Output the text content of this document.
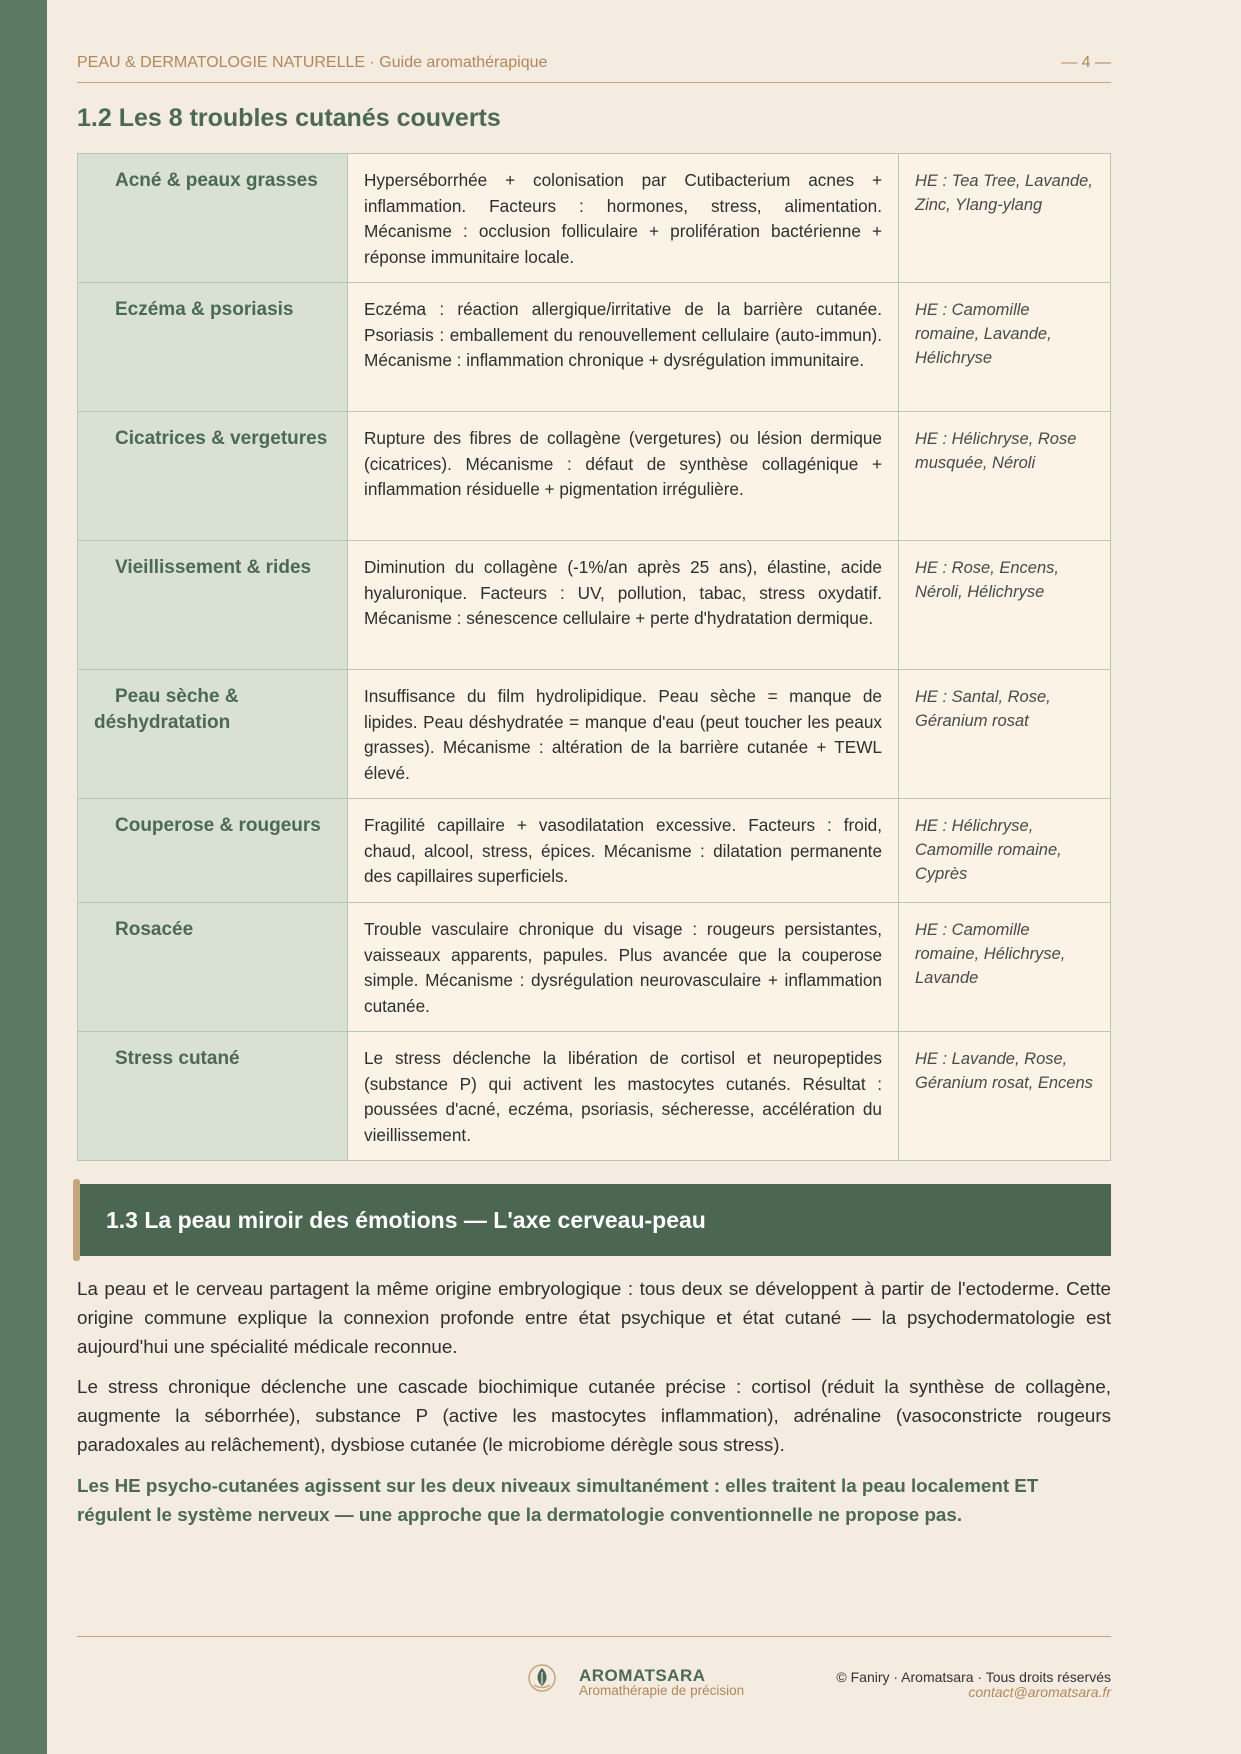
PEAU & DERMATOLOGIE NATURELLE · Guide aromathérapique	— 4 —
1.2 Les 8 troubles cutanés couverts
Acné & peaux grasses	Hyperséborrhée + colonisation par Cutibacterium acnes + inflammation. Facteurs : hormones, stress, alimentation. Mécanisme : occlusion folliculaire + prolifération bactérienne + réponse immunitaire locale.	HE : Tea Tree, Lavande, Zinc, Ylang-ylang
Eczéma & psoriasis	Eczéma : réaction allergique/irritative de la barrière cutanée. Psoriasis : emballement du renouvellement cellulaire (auto-immun). Mécanisme : inflammation chronique + dysrégulation immunitaire.	HE : Camomille romaine, Lavande, Hélichryse
Cicatrices & vergetures	Rupture des fibres de collagène (vergetures) ou lésion dermique (cicatrices). Mécanisme : défaut de synthèse collagénique + inflammation résiduelle + pigmentation irrégulière.	HE : Hélichryse, Rose musquée, Néroli
Vieillissement & rides	Diminution du collagène (-1%/an après 25 ans), élastine, acide hyaluronique. Facteurs : UV, pollution, tabac, stress oxydatif. Mécanisme : sénescence cellulaire + perte d'hydratation dermique.	HE : Rose, Encens, Néroli, Hélichryse
Peau sèche & déshydratation	Insuffisance du film hydrolipidique. Peau sèche = manque de lipides. Peau déshydratée = manque d'eau (peut toucher les peaux grasses). Mécanisme : altération de la barrière cutanée + TEWL élevé.	HE : Santal, Rose, Géranium rosat
Couperose & rougeurs	Fragilité capillaire + vasodilatation excessive. Facteurs : froid, chaud, alcool, stress, épices. Mécanisme : dilatation permanente des capillaires superficiels.	HE : Hélichryse, Camomille romaine, Cyprès
Rosacée	Trouble vasculaire chronique du visage : rougeurs persistantes, vaisseaux apparents, papules. Plus avancée que la couperose simple. Mécanisme : dysrégulation neurovasculaire + inflammation cutanée.	HE : Camomille romaine, Hélichryse, Lavande
Stress cutané	Le stress déclenche la libération de cortisol et neuropeptides (substance P) qui activent les mastocytes cutanés. Résultat : poussées d'acné, eczéma, psoriasis, sécheresse, accélération du vieillissement.	HE : Lavande, Rose, Géranium rosat, Encens
1.3 La peau miroir des émotions — L'axe cerveau-peau

La peau et le cerveau partagent la même origine embryologique : tous deux se développent à partir de l'ectoderme. Cette origine commune explique la connexion profonde entre état psychique et état cutané — la psychodermatologie est aujourd'hui une spécialité médicale reconnue.

Le stress chronique déclenche une cascade biochimique cutanée précise : cortisol (réduit la synthèse de collagène, augmente la séborrhée), substance P (active les mastocytes inflammation), adrénaline (vasoconstricte rougeurs paradoxales au relâchement), dysbiose cutanée (le microbiome dérègle sous stress).

Les HE psycho-cutanées agissent sur les deux niveaux simultanément : elles traitent la peau localement ET régulent le système nerveux — une approche que la dermatologie conventionnelle ne propose pas.

AROMATSARA
Aromathérapie de précision
© Faniry · Aromatsara · Tous droits réservés
contact@aromatsara.fr
